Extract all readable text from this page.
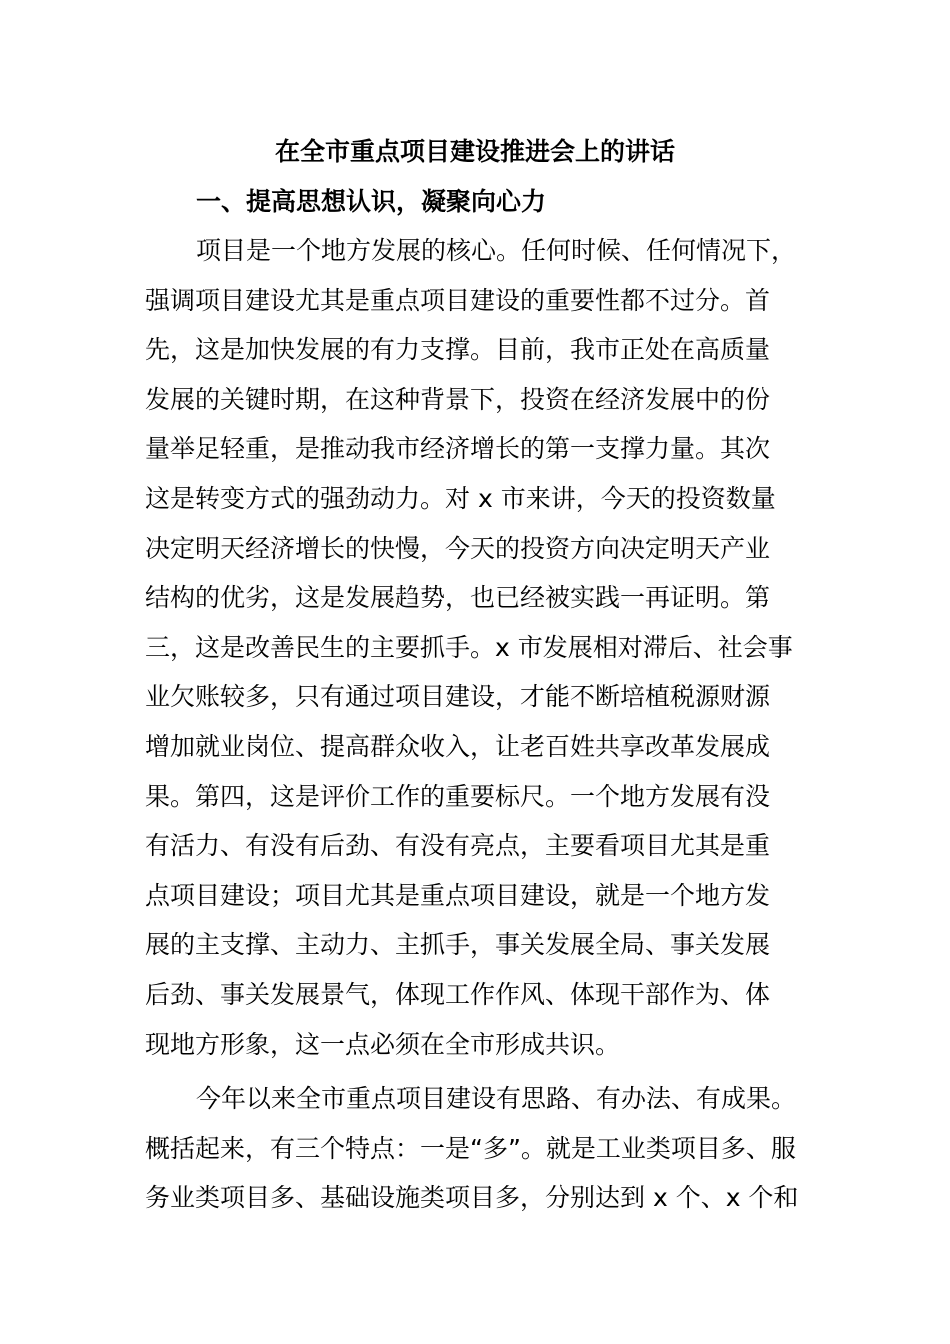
在全市重点项目建设推进会上的讲话
一、提高思想认识，凝聚向心力
项目是一个地方发展的核心。任何时候、任何情况下，
强调项目建设尤其是重点项目建设的重要性都不过分。首
先，这是加快发展的有力支撑。目前，我市正处在高质量
发展的关键时期，在这种背景下，投资在经济发展中的份
量举足轻重，是推动我市经济增长的第一支撑力量。其次
这是转变方式的强劲动力。对 x 市来讲，今天的投资数量
决定明天经济增长的快慢，今天的投资方向决定明天产业
结构的优劣，这是发展趋势，也已经被实践一再证明。第
三，这是改善民生的主要抓手。x 市发展相对滞后、社会事
业欠账较多，只有通过项目建设，才能不断培植税源财源
增加就业岗位、提高群众收入，让老百姓共享改革发展成
果。第四，这是评价工作的重要标尺。一个地方发展有没
有活力、有没有后劲、有没有亮点，主要看项目尤其是重
点项目建设；项目尤其是重点项目建设，就是一个地方发
展的主支撑、主动力、主抓手，事关发展全局、事关发展
后劲、事关发展景气，体现工作作风、体现干部作为、体
现地方形象，这一点必须在全市形成共识。
今年以来全市重点项目建设有思路、有办法、有成果。
概括起来，有三个特点：一是“多”。就是工业类项目多、服
务业类项目多、基础设施类项目多，分别达到 x 个、x 个和
